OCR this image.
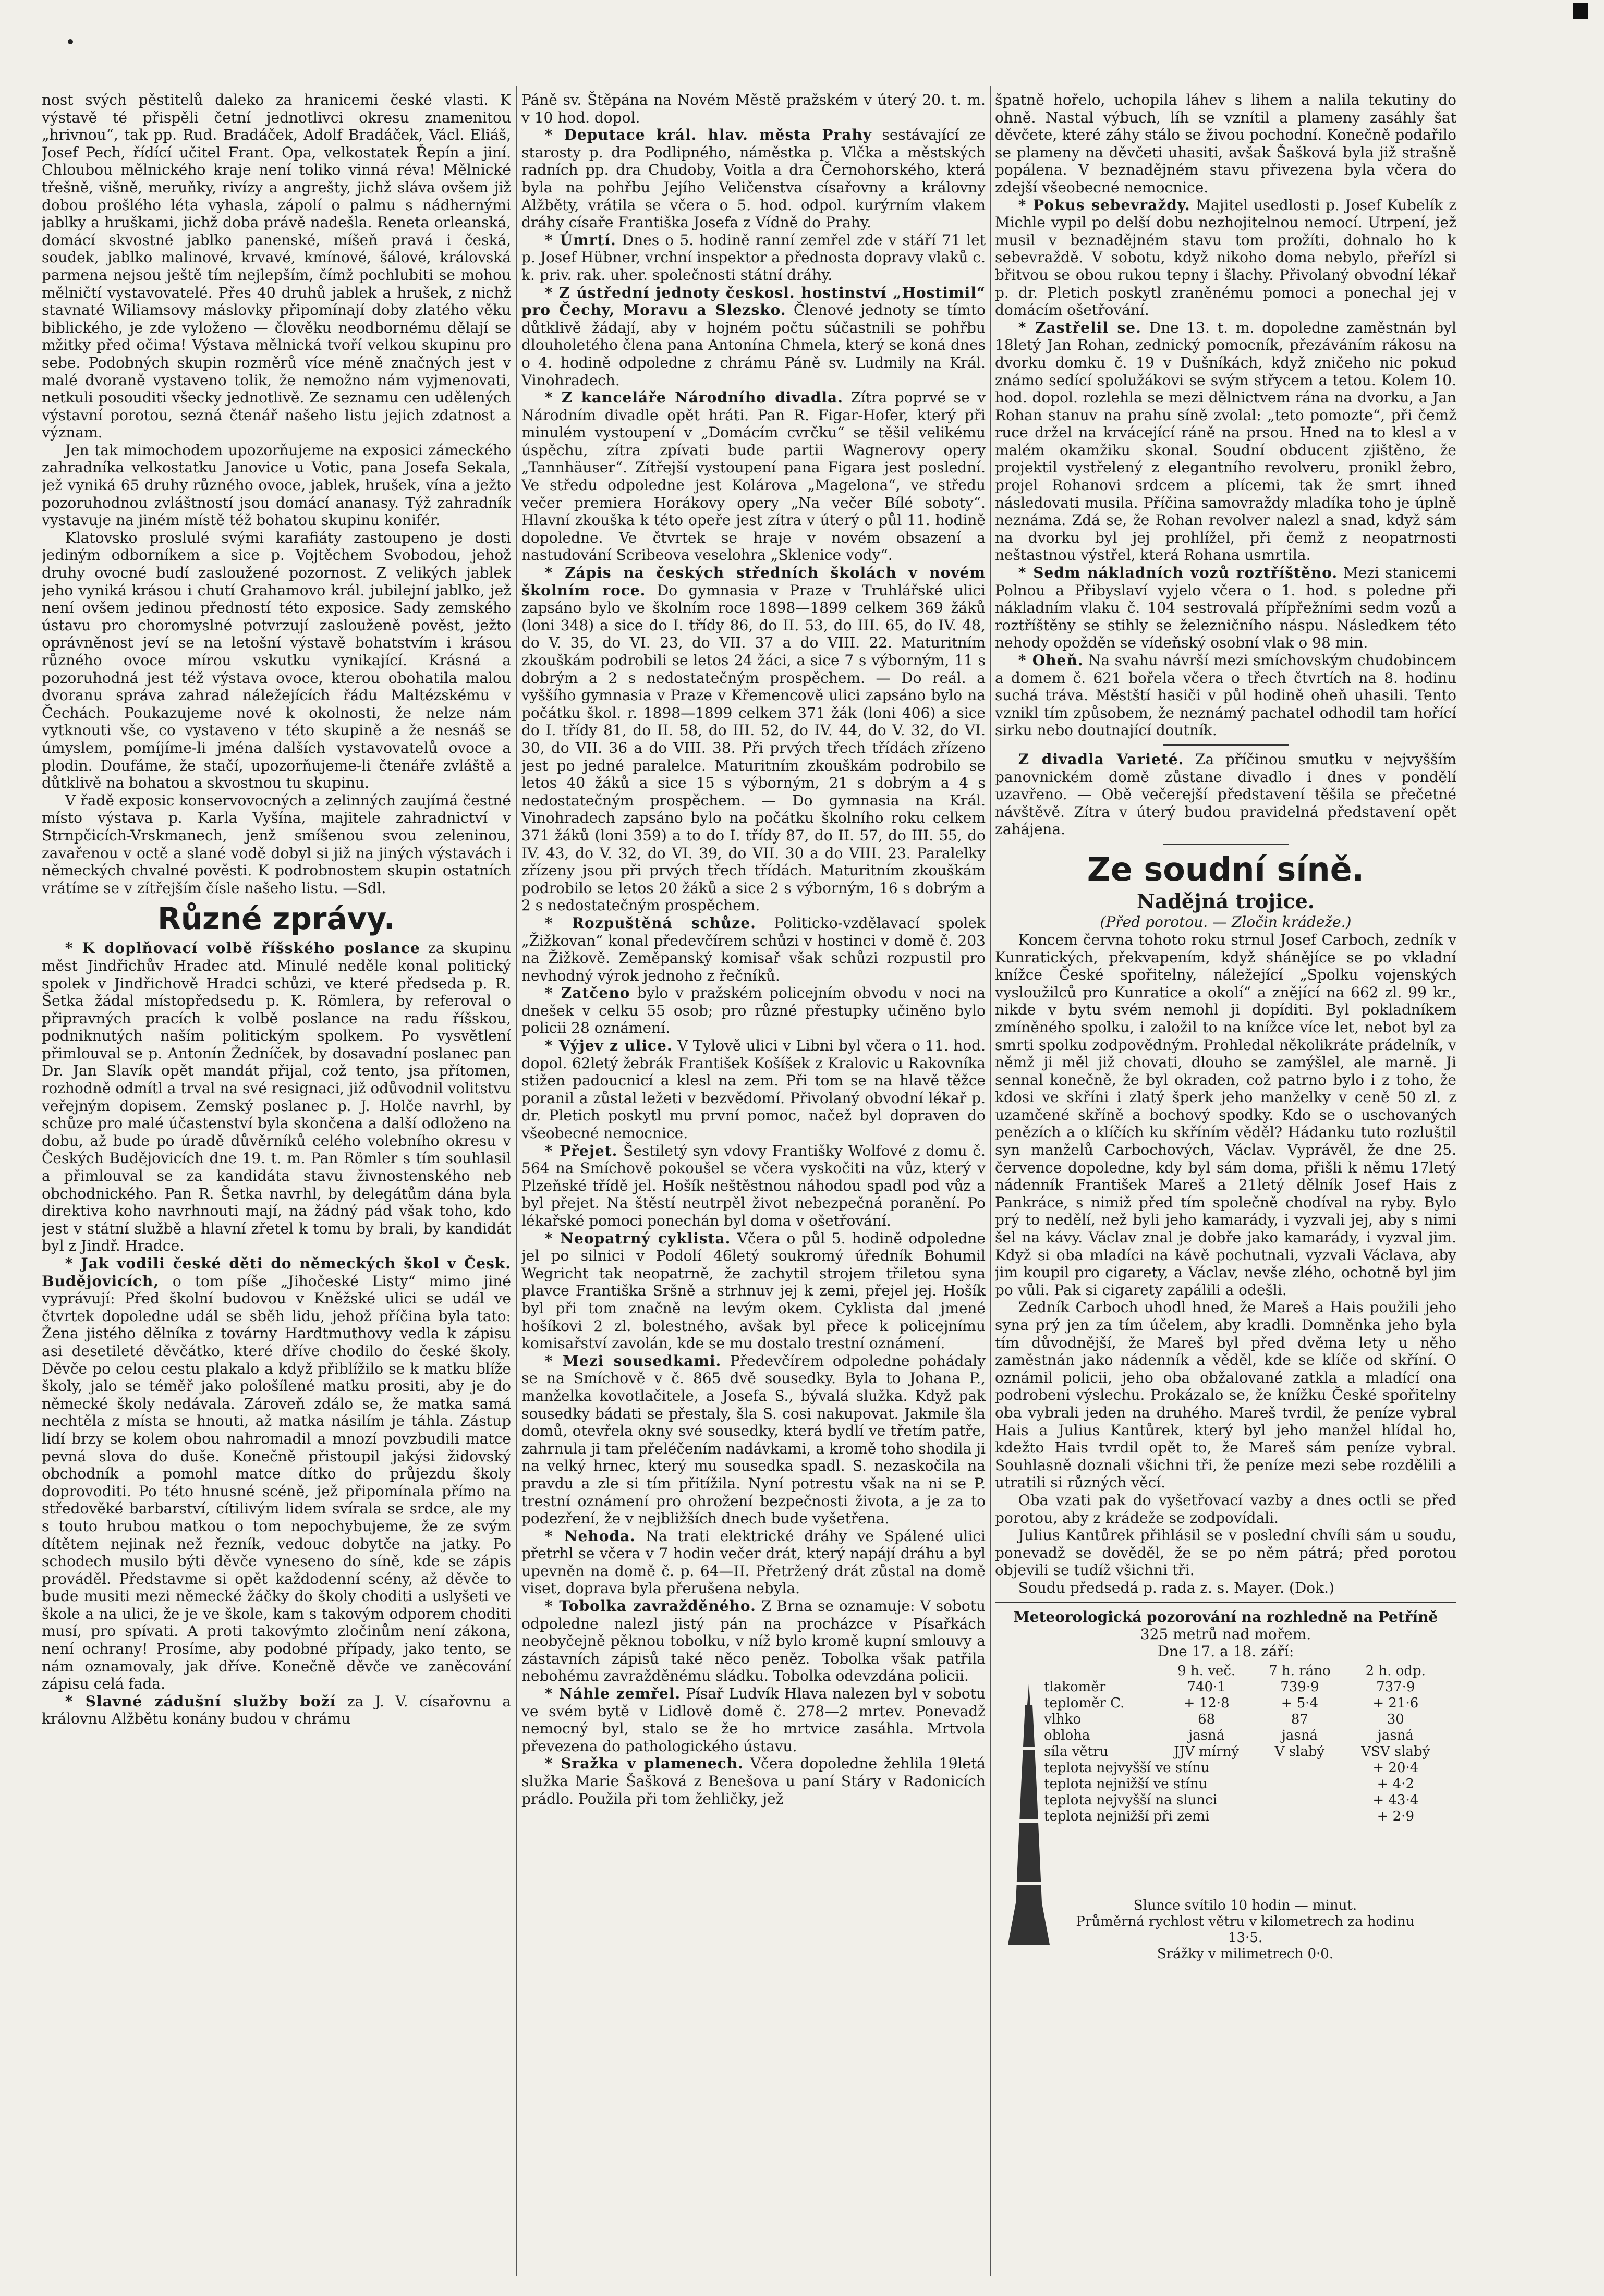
nost svých pěstitelů daleko za hranicemi české vlasti. K výstavě té přispěli četní jednotlivci okresu znamenitou „hrivnou“, tak pp. Rud. Bradáček, Adolf Bradáček, Václ. Eliáš, Josef Pech, řídící učitel Frant. Opa, velkostatek Řepín a jiní. Chloubou mělnického kraje není toliko vinná réva! Mělnické třešně, višně, meruňky, rivízy a angrešty, jichž sláva ovšem již dobou prošlého léta vyhasla, zápolí o palmu s nádhernými jablky a hruškami, jichž doba právě nadešla. Reneta orleanská, domácí skvostné jablko panenské, míšeň pravá i česká, soudek, jablko malinové, krvavé, kmínové, šálové, královská parmena nejsou ještě tím nejlepším, čímž pochlubiti se mohou mělničtí vystavovatelé. Přes 40 druhů jablek a hrušek, z nichž stavnaté Wiliamsovy máslovky připomínají doby zlatého věku biblického, je zde vyloženo — člověku neodbornému dělají se mžitky před očima! Výstava mělnická tvoří velkou skupinu pro sebe. Podobných skupin rozměrů více méně značných jest v malé dvoraně vystaveno tolik, že nemožno nám vyjmenovati, netkuli posouditi všecky jednotlivě. Ze seznamu cen udělených výstavní porotou, sezná čtenář našeho listu jejich zdatnost a význam.

Jen tak mimochodem upozorňujeme na exposici zámeckého zahradníka velkostatku Janovice u Votic, pana Josefa Sekala, jež vyniká 65 druhy různého ovoce, jablek, hrušek, vína a ježto pozoruhodnou zvláštností jsou domácí ananasy. Týž zahradník vystavuje na jiném místě též bohatou skupinu konifér.

Klatovsko proslulé svými karafiáty zastoupeno je dosti jediným odborníkem a sice p. Vojtěchem Svobodou, jehož druhy ovocné budí zasloužené pozornost. Z velikých jablek jeho vyniká krásou i chutí Grahamovo král. jubilejní jablko, jež není ovšem jedinou předností této exposice. Sady zemského ústavu pro choromyslné potvrzují zaslouženě pověst, ježto oprávněnost jeví se na letošní výstavě bohatstvím i krásou různého ovoce mírou vskutku vynikající. Krásná a pozoruhodná jest též výstava ovoce, kterou obohatila malou dvoranu správa zahrad náležejících řádu Maltézskému v Čechách. Poukazujeme nové k okolnosti, že nelze nám vytknouti vše, co vystaveno v této skupině a že nesnáš se úmyslem, pomíjíme-li jména dalších vystavovatelů ovoce a plodin. Doufáme, že stačí, upozorňujeme-li čtenáře zvláště a důtklivě na bohatou a skvostnou tu skupinu.

V řadě exposic konservovocných a zelinných zaujímá čestné místo výstava p. Karla Vyšína, majitele zahradnictví v Strnpčicích-Vrskmanech, jenž smíšenou svou zeleninou, zavařenou v octě a slané vodě dobyl si již na jiných výstavách i německých chvalné pověsti. K podrobnostem skupin ostatních vrátíme se v zítřejším čísle našeho listu. —Sdl.

Různé zprávy.

* K doplňovací volbě říšského poslance za skupinu měst Jindřichův Hradec atd. Minulé neděle konal politický spolek v Jindřichově Hradci schůzi, ve které předseda p. R. Šetka žádal místopředsedu p. K. Römlera, by referoval o připravných pracích k volbě poslance na radu říšskou, podniknutých naším politickým spolkem. Po vysvětlení přimlouval se p. Antonín Žedníček, by dosavadní poslanec pan Dr. Jan Slavík opět mandát přijal, což tento, jsa přítomen, rozhodně odmítl a trval na své resignaci, již odůvodnil volitstvu veřejným dopisem. Zemský poslanec p. J. Holče navrhl, by schůze pro malé účastenství byla skončena a další odloženo na dobu, až bude po úradě důvěrníků celého volebního okresu v Českých Budějovicích dne 19. t. m. Pan Römler s tím souhlasil a přimlouval se za kandidáta stavu živnostenského neb obchodnického. Pan R. Šetka navrhl, by delegátům dána byla direktiva koho navrhnouti mají, na žádný pád však toho, kdo jest v státní službě a hlavní zřetel k tomu by brali, by kandidát byl z Jindř. Hradce.

* Jak vodili české děti do německých škol v Česk. Budějovicích, o tom píše „Jihočeské Listy“ mimo jiné vyprávují: Před školní budovou v Kněžské ulici se udál ve čtvrtek dopoledne udál se sběh lidu, jehož příčina byla tato: Žena jistého dělníka z továrny Hardtmuthovy vedla k zápisu asi desetileté děvčátko, které dříve chodilo do české školy. Děvče po celou cestu plakalo a když přiblížilo se k matku blíže školy, jalo se téměř jako pološílené matku prositi, aby je do německé školy nedávala. Zároveň zdálo se, že matka samá nechtěla z místa se hnouti, až matka násilím je táhla. Zástup lidí brzy se kolem obou nahromadil a mnozí povzbudili matce pevná slova do duše. Konečně přistoupil jakýsi židovský obchodník a pomohl matce dítko do průjezdu školy doprovoditi. Po této hnusné scéně, jež připomínala přímo na středověké barbarství, cítilivým lidem svírala se srdce, ale my s touto hrubou matkou o tom nepochybujeme, že ze svým dítětem nejinak než řezník, vedouc dobytče na jatky. Po schodech musilo býti děvče vyneseno do síně, kde se zápis prováděl. Představme si opět každodenní scény, až děvče to bude musiti mezi německé žáčky do školy choditi a uslyšeti ve škole a na ulici, že je ve škole, kam s takovým odporem choditi musí, pro spívati. A proti takovýmto zločinům není zákona, není ochrany! Prosíme, aby podobné případy, jako tento, se nám oznamovaly, jak dříve. Konečně děvče ve zaněcování zápisu celá fada.

* Slavné zádušní služby boží za J. V. císařovnu a královnu Alžbětu konány budou v chrámu

Páně sv. Štěpána na Novém Městě pražském v úterý 20. t. m. v 10 hod. dopol.

* Deputace král. hlav. města Prahy sestávající ze starosty p. dra Podlipného, náměstka p. Vlčka a městských radních pp. dra Chudoby, Voitla a dra Černohorského, která byla na pohřbu Jejího Veličenstva císařovny a královny Alžběty, vrátila se včera o 5. hod. odpol. kurýrním vlakem dráhy císaře Františka Josefa z Vídně do Prahy.

* Úmrtí. Dnes o 5. hodině ranní zemřel zde v stáří 71 let p. Josef Hübner, vrchní inspektor a přednosta dopravy vlaků c. k. priv. rak. uher. společnosti státní dráhy.

* Z ústřední jednoty českosl. hostinství „Hostimil“ pro Čechy, Moravu a Slezsko. Členové jednoty se tímto důtklivě žádají, aby v hojném počtu súčastnili se pohřbu dlouholetého člena pana Antonína Chmela, který se koná dnes o 4. hodině odpoledne z chrámu Páně sv. Ludmily na Král. Vinohradech.

* Z kanceláře Národního divadla. Zítra poprvé se v Národním divadle opět hráti. Pan R. Figar-Hofer, který při minulém vystoupení v „Domácím cvrčku“ se těšil velikému úspěchu, zítra zpívati bude partii Wagnerovy opery „Tannhäuser“. Zítřejší vystoupení pana Figara jest poslední. Ve středu odpoledne jest Kolárova „Magelona“, ve středu večer premiera Horákovy opery „Na večer Bílé soboty“. Hlavní zkouška k této opeře jest zítra v úterý o půl 11. hodině dopoledne. Ve čtvrtek se hraje v novém obsazení a nastudování Scribeova veselohra „Sklenice vody“.

* Zápis na českých středních školách v novém školním roce. Do gymnasia v Praze v Truhlářské ulici zapsáno bylo ve školním roce 1898—1899 celkem 369 žáků (loni 348) a sice do I. třídy 86, do II. 53, do III. 65, do IV. 48, do V. 35, do VI. 23, do VII. 37 a do VIII. 22. Maturitním zkouškám podrobili se letos 24 žáci, a sice 7 s výborným, 11 s dobrým a 2 s nedostatečným prospěchem. — Do reál. a vyššího gymnasia v Praze v Křemencově ulici zapsáno bylo na počátku škol. r. 1898—1899 celkem 371 žák (loni 406) a sice do I. třídy 81, do II. 58, do III. 52, do IV. 44, do V. 32, do VI. 30, do VII. 36 a do VIII. 38. Při prvých třech třídách zřízeno jest po jedné paralelce. Maturitním zkouškám podrobilo se letos 40 žáků a sice 15 s výborným, 21 s dobrým a 4 s nedostatečným prospěchem. — Do gymnasia na Král. Vinohradech zapsáno bylo na počátku školního roku celkem 371 žáků (loni 359) a to do I. třídy 87, do II. 57, do III. 55, do IV. 43, do V. 32, do VI. 39, do VII. 30 a do VIII. 23. Paralelky zřízeny jsou při prvých třech třídách. Maturitním zkouškám podrobilo se letos 20 žáků a sice 2 s výborným, 16 s dobrým a 2 s nedostatečným prospěchem.

* Rozpuštěná schůze. Politicko-vzdělavací spolek „Žižkovan“ konal předevčírem schůzi v hostinci v domě č. 203 na Žižkově. Zeměpanský komisař však schůzi rozpustil pro nevhodný výrok jednoho z řečníků.

* Zatčeno bylo v pražském policejním obvodu v noci na dnešek v celku 55 osob; pro různé přestupky učiněno bylo policii 28 oznámení.

* Výjev z ulice. V Tylově ulici v Libni byl včera o 11. hod. dopol. 62letý žebrák František Košíšek z Kralovic u Rakovníka stižen padoucnicí a klesl na zem. Při tom se na hlavě těžce poranil a zůstal ležeti v bezvědomí. Přivolaný obvodní lékař p. dr. Pletich poskytl mu první pomoc, načež byl dopraven do všeobecné nemocnice.

* Přejet. Šestiletý syn vdovy Františky Wolfové z domu č. 564 na Smíchově pokoušel se včera vyskočiti na vůz, který v Plzeňské třídě jel. Hošík neštěstnou náhodou spadl pod vůz a byl přejet. Na štěstí neutrpěl život nebezpečná poranění. Po lékařské pomoci ponechán byl doma v ošetřování.

* Neopatrný cyklista. Včera o půl 5. hodině odpoledne jel po silnici v Podolí 46letý soukromý úředník Bohumil Wegricht tak neopatrně, že zachytil strojem třiletou syna plavce Františka Sršně a strhnuv jej k zemi, přejel jej. Hošík byl při tom značně na levým okem. Cyklista dal jmené hošíkovi 2 zl. bolestného, avšak byl přece k policejnímu komisařství zavolán, kde se mu dostalo trestní oznámení.

* Mezi sousedkami. Předevčírem odpoledne pohádaly se na Smíchově v č. 865 dvě sousedky. Byla to Johana P., manželka kovotlačitele, a Josefa S., bývalá služka. Když pak sousedky bádati se přestaly, šla S. cosi nakupovat. Jakmile šla domů, otevřela okny své sousedky, která bydlí ve třetím patře, zahrnula ji tam přeléčením nadávkami, a kromě toho shodila ji na velký hrnec, který mu sousedka spadl. S. nezaskočila na pravdu a zle si tím přitížila. Nyní potrestu však na ni se P. trestní oznámení pro ohrožení bezpečnosti života, a je za to podezření, že v nejbližších dnech bude vyšetřena.

* Nehoda. Na trati elektrické dráhy ve Spálené ulici přetrhl se včera v 7 hodin večer drát, který napájí dráhu a byl upevněn na domě č. p. 64—II. Přetržený drát zůstal na domě viset, doprava byla přerušena nebyla.

* Tobolka zavražděného. Z Brna se oznamuje: V sobotu odpoledne nalezl jistý pán na procházce v Písařkách neobyčejně pěknou tobolku, v níž bylo kromě kupní smlouvy a zástavních zápisů také něco peněz. Tobolka však patřila nebohému zavražděnému sládku. Tobolka odevzdána policii.

* Náhle zemřel. Písař Ludvík Hlava nalezen byl v sobotu ve svém bytě v Lidlově domě č. 278—2 mrtev. Ponevadž nemocný byl, stalo se že ho mrtvice zasáhla. Mrtvola převezena do pathologického ústavu.

* Sražka v plamenech. Včera dopoledne žehlila 19letá služka Marie Šašková z Benešova u paní Stáry v Radonicích prádlo. Použila při tom žehličky, jež

špatně hořelo, uchopila láhev s lihem a nalila tekutiny do ohně. Nastal výbuch, líh se vznítil a plameny zasáhly šat děvčete, které záhy stálo se živou pochodní. Konečně podařilo se plameny na děvčeti uhasiti, avšak Šašková byla již strašně popálena. V beznadějném stavu přivezena byla včera do zdejší všeobecné nemocnice.

* Pokus sebevraždy. Majitel usedlosti p. Josef Kubelík z Michle vypil po delší dobu nezhojitelnou nemocí. Utrpení, jež musil v beznadějném stavu tom prožíti, dohnalo ho k sebevraždě. V sobotu, když nikoho doma nebylo, přeřízl si břitvou se obou rukou tepny i šlachy. Přivolaný obvodní lékař p. dr. Pletich poskytl zraněnému pomoci a ponechal jej v domácím ošetřování.

* Zastřelil se. Dne 13. t. m. dopoledne zaměstnán byl 18letý Jan Rohan, zednický pomocník, přezáváním rákosu na dvorku domku č. 19 v Dušníkách, když zničeho nic pokud známo sedící spolužákovi se svým střycem a tetou. Kolem 10. hod. dopol. rozlehla se mezi dělnictvem rána na dvorku, a Jan Rohan stanuv na prahu síně zvolal: „teto pomozte“, při čemž ruce držel na krvácející ráně na prsou. Hned na to klesl a v malém okamžiku skonal. Soudní obducent zjištěno, že projektil vystřelený z elegantního revolveru, pronikl žebro, projel Rohanovi srdcem a plícemi, tak že smrt ihned následovati musila. Příčina samovraždy mladíka toho je úplně neznáma. Zdá se, že Rohan revolver nalezl a snad, když sám na dvorku byl jej prohlížel, při čemž z neopatrnosti neštastnou výstřel, která Rohana usmrtila.

* Sedm nákladních vozů roztříštěno. Mezi stanicemi Polnou a Přibyslaví vyjelo včera o 1. hod. s poledne při nákladním vlaku č. 104 sestrovalá přípřežními sedm vozů a roztříštěny se stihly se železničního náspu. Následkem této nehody opožděn se vídeňský osobní vlak o 98 min.

* Oheň. Na svahu návrší mezi smíchovským chudobincem a domem č. 621 bořela včera o třech čtvrtích na 8. hodinu suchá tráva. Městští hasiči v půl hodině oheň uhasili. Tento vznikl tím způsobem, že neznámý pachatel odhodil tam hořící sirku nebo doutnající doutník.

Z divadla Varieté. Za příčinou smutku v nejvyšším panovnickém domě zůstane divadlo i dnes v pondělí uzavřeno. — Obě večerejší představení těšila se přečetné návštěvě. Zítra v úterý budou pravidelná představení opět zahájena.

Ze soudní síně.
Nadějná trojice.
(Před porotou. — Zločin krádeže.)

Koncem června tohoto roku strnul Josef Carboch, zedník v Kunratických, překvapením, když shánějíce se po vkladní knížce České spořitelny, náležející „Spolku vojenských vysloužilců pro Kunratice a okolí“ a znějící na 662 zl. 99 kr., nikde v bytu svém nemohl ji dopíditi. Byl pokladníkem zmíněného spolku, i založil to na knížce více let, nebot byl za smrti spolku zodpovědným. Prohledal několikráte prádelník, v němž ji měl již chovati, dlouho se zamýšlel, ale marně. Ji sennal konečně, že byl okraden, což patrno bylo i z toho, že kdosi ve skříni i zlatý šperk jeho manželky v ceně 50 zl. z uzamčené skříně a bochový spodky. Kdo se o uschovaných penězích a o klíčích ku skříním věděl? Hádanku tuto rozluštil syn manželů Carbochových, Václav. Vyprávěl, že dne 25. července dopoledne, kdy byl sám doma, přišli k němu 17letý nádenník František Mareš a 21letý dělník Josef Hais z Pankráce, s nimiž před tím společně chodíval na ryby. Bylo prý to nedělí, než byli jeho kamarády, i vyzvali jej, aby s nimi šel na kávy. Václav znal je dobře jako kamarády, i vyzval jim. Když si oba mladíci na kávě pochutnali, vyzvali Václava, aby jim koupil pro cigarety, a Václav, nevše zlého, ochotně byl jim po vůli. Pak si cigarety zapálili a odešli.

Zedník Carboch uhodl hned, že Mareš a Hais použili jeho syna prý jen za tím účelem, aby kradli. Domněnka jeho byla tím důvodnější, že Mareš byl před dvěma lety u něho zaměstnán jako nádenník a věděl, kde se klíče od skříní. O oznámil policii, jeho oba obžalované zatkla a mladící ona podrobeni výslechu. Prokázalo se, že knížku České spořitelny oba vybrali jeden na druhého. Mareš tvrdil, že peníze vybral Hais a Julius Kantůrek, který byl jeho manžel hlídal ho, kdežto Hais tvrdil opět to, že Mareš sám peníze vybral. Souhlasně doznali všichni tři, že peníze mezi sebe rozdělili a utratili si různých věcí.

Oba vzati pak do vyšetřovací vazby a dnes octli se před porotou, aby z krádeže se zodpovídali.

Julius Kantůrek přihlásil se v poslední chvíli sám u soudu, ponevadž se dověděl, že se po něm pátrá; před porotou objevili se tudíž všichni tři.

Soudu předsedá p. rada z. s. Mayer. (Dok.)

Meteorologická pozorování na rozhledně na Petříně
325 metrů nad mořem.
Dne 17. a 18. září:
	9 h. več.	7 h. ráno	2 h. odp.
tlakoměr	740·1	739·9	737·9
teploměr C.	+ 12·8	+ 5·4	+ 21·6
vlhko	68	87	30
obloha	jasná	jasná	jasná
síla větru	JJV mírný	V slabý	VSV slabý
teplota nejvyšší ve stínu			+ 20·4
teplota nejnižší ve stínu			+ 4·2
teplota nejvyšší na slunci			+ 43·4
teplota nejnižší při zemi			+ 2·9
Slunce svítilo 10 hodin — minut.
Průměrná rychlost větru v kilometrech za hodinu 13·5.
Srážky v milimetrech 0·0.
